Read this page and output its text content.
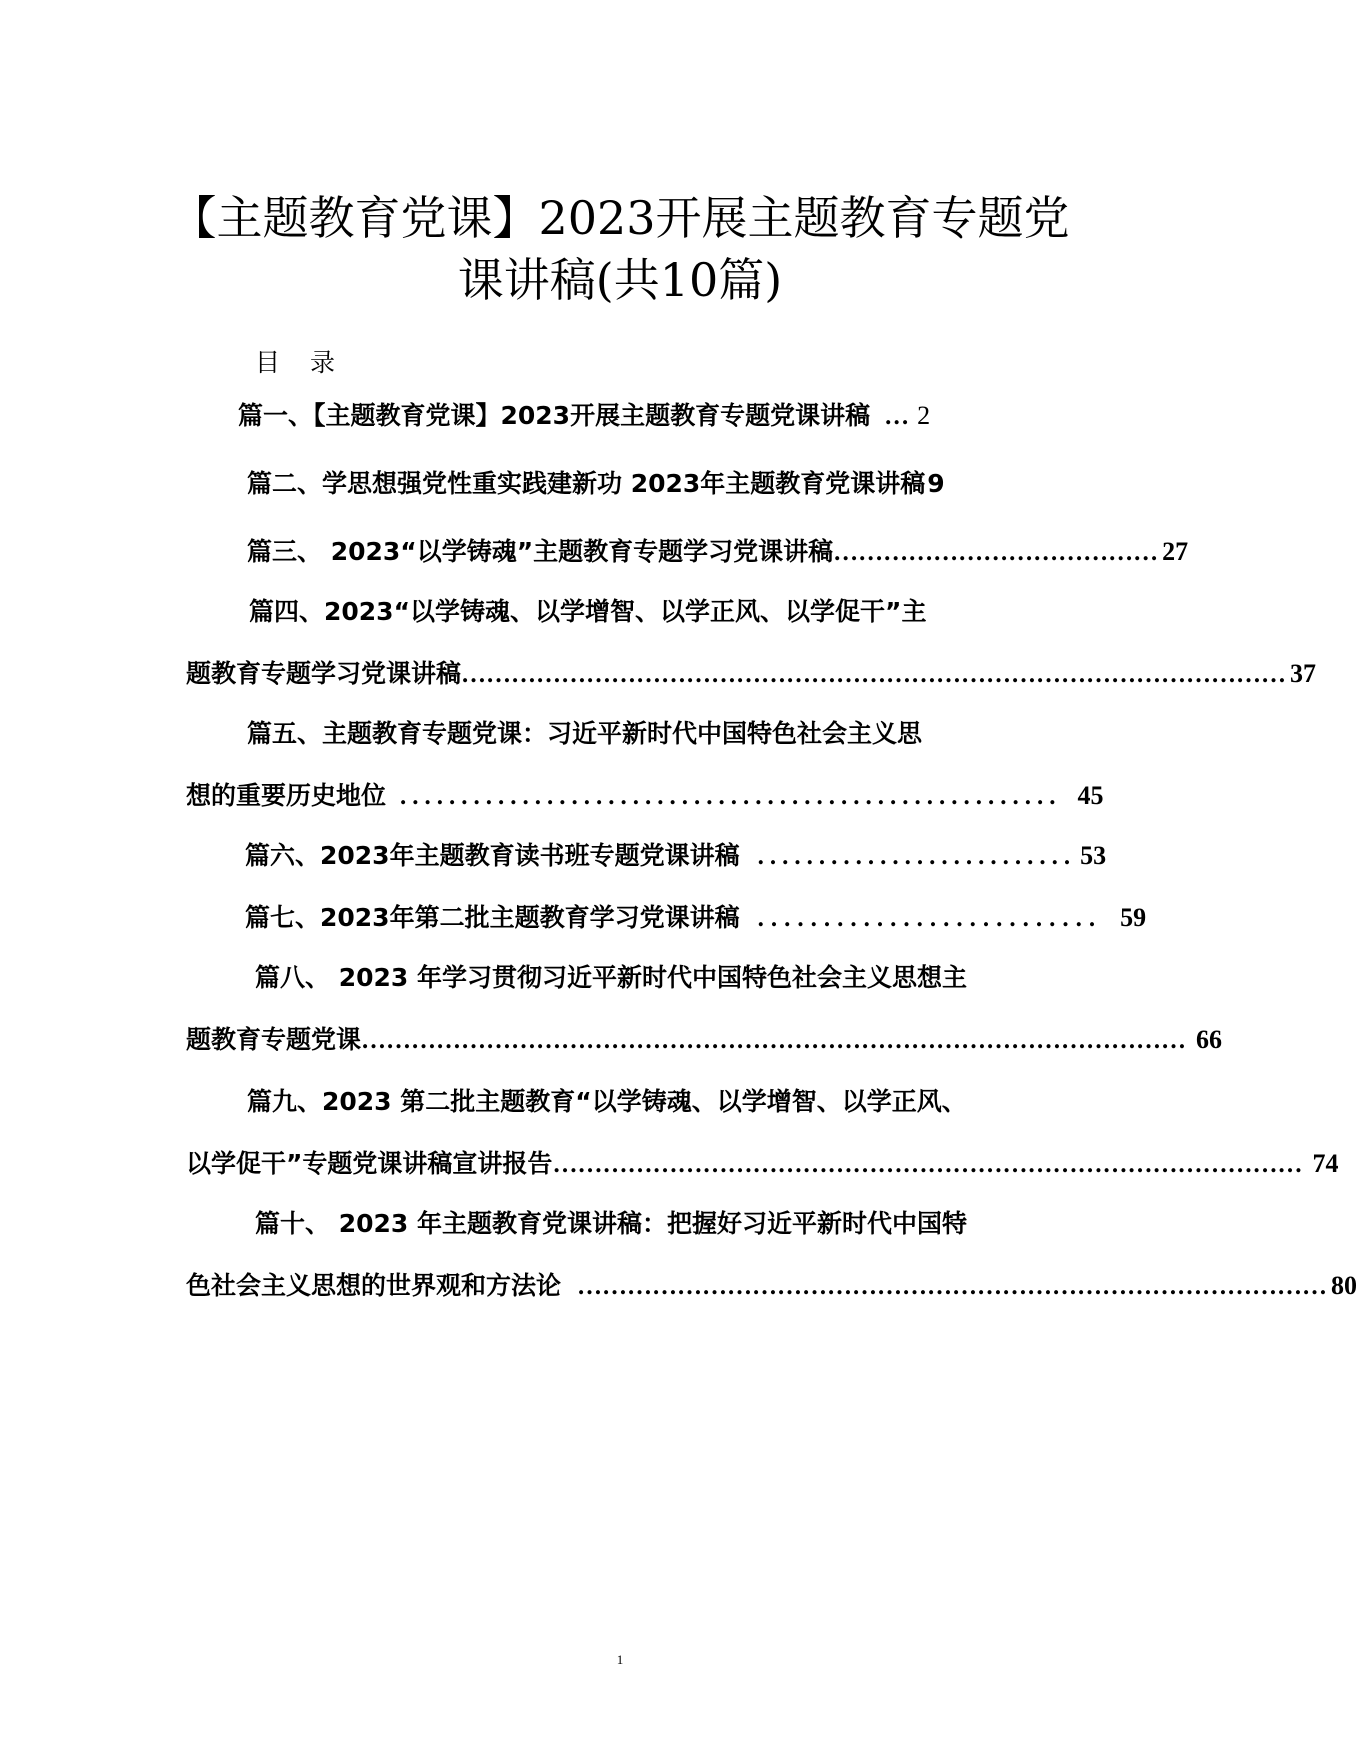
【主题教育党课】2023开展主题教育专题党
课讲稿(共10篇)

目录

篇一、【主题教育党课】2023开展主题教育专题党课讲稿 … 2
篇二、学思想强党性重实践建新功 2023年主题教育党课讲稿 9
篇三、 2023“以学铸魂”主题教育专题学习党课讲稿 ………………………………… 27
篇四、2023“以学铸魂、以学增智、以学正风、以学促干”主
题教育专题学习党课讲稿 ……………………………………………………………………………………… 37
篇五、主题教育专题党课：习近平新时代中国特色社会主义思
想的重要历史地位 ...................................................... 45
篇六、2023年主题教育读书班专题党课讲稿 .......................... 53
篇七、2023年第二批主题教育学习党课讲稿 .......................... 59
篇八、 2023 年学习贯彻习近平新时代中国特色社会主义思想主
题教育专题党课 ……………………………………………………………………………………… 66
篇九、2023 第二批主题教育“以学铸魂、以学增智、以学正风、
以学促干”专题党课讲稿宣讲报告 ……………………………………………………………………………… 74
篇十、 2023 年主题教育党课讲稿：把握好习近平新时代中国特
色社会主义思想的世界观和方法论 ……………………………………………………………………………… 80
1
